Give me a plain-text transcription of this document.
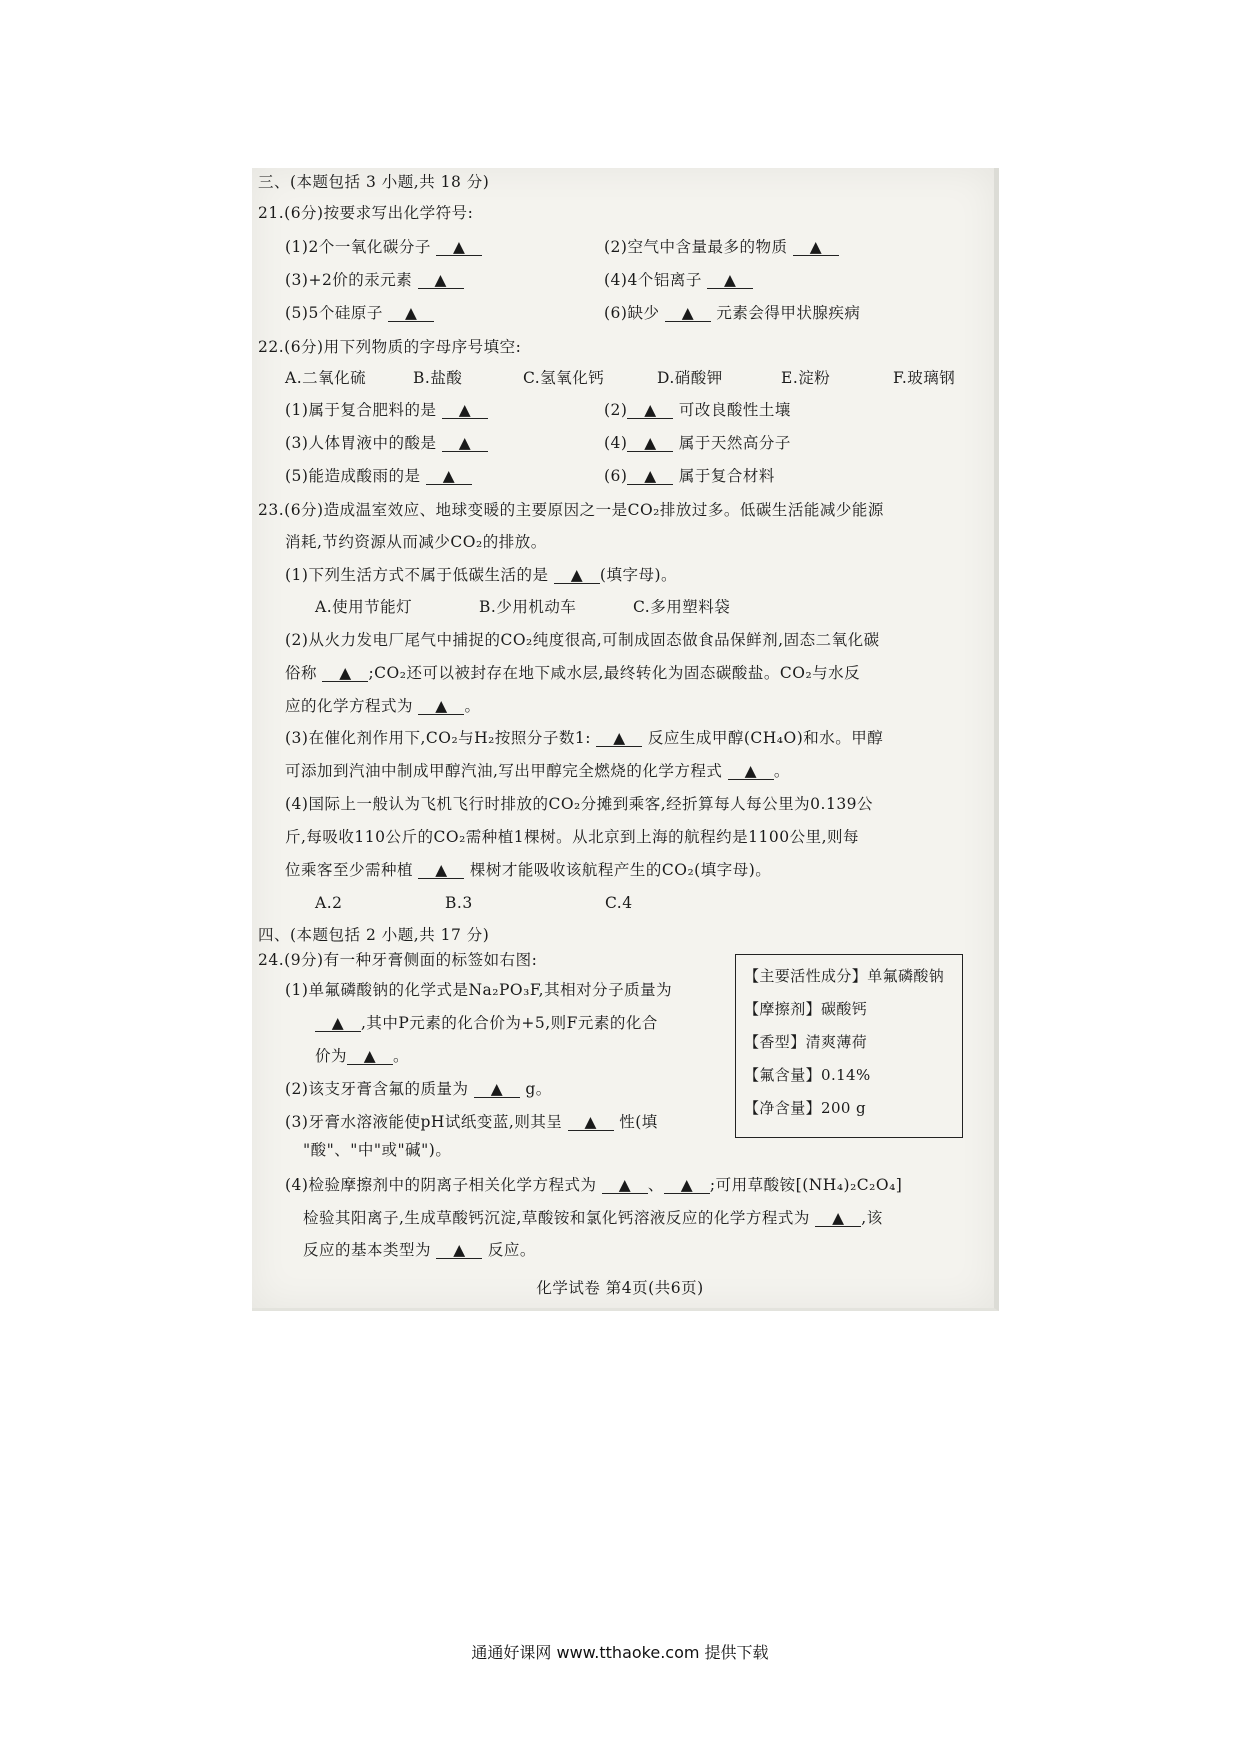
三、(本题包括 3 小题,共 18 分)
21.(6分)按要求写出化学符号:
(1)2个一氧化碳分子 ▲	(2)空气中含量最多的物质 ▲
(3)+2价的汞元素 ▲	(4)4个铝离子 ▲
(5)5个硅原子 ▲	(6)缺少 ▲ 元素会得甲状腺疾病
22.(6分)用下列物质的字母序号填空:
A.二氧化硫	B.盐酸	C.氢氧化钙	D.硝酸钾	E.淀粉	F.玻璃钢
(1)属于复合肥料的是 ▲	(2) ▲ 可改良酸性土壤
(3)人体胃液中的酸是 ▲	(4) ▲ 属于天然高分子
(5)能造成酸雨的是 ▲	(6) ▲ 属于复合材料
23.(6分)造成温室效应、地球变暖的主要原因之一是CO₂排放过多。低碳生活能减少能源
消耗,节约资源从而减少CO₂的排放。
(1)下列生活方式不属于低碳生活的是 ▲ (填字母)。
A.使用节能灯	B.少用机动车	C.多用塑料袋
(2)从火力发电厂尾气中捕捉的CO₂纯度很高,可制成固态做食品保鲜剂,固态二氧化碳
俗称 ▲ ;CO₂还可以被封存在地下咸水层,最终转化为固态碳酸盐。CO₂与水反
应的化学方程式为 ▲ 。
(3)在催化剂作用下,CO₂与H₂按照分子数1: ▲ 反应生成甲醇(CH₄O)和水。甲醇
可添加到汽油中制成甲醇汽油,写出甲醇完全燃烧的化学方程式 ▲ 。
(4)国际上一般认为飞机飞行时排放的CO₂分摊到乘客,经折算每人每公里为0.139公
斤,每吸收110公斤的CO₂需种植1棵树。从北京到上海的航程约是1100公里,则每
位乘客至少需种植 ▲ 棵树才能吸收该航程产生的CO₂(填字母)。
A.2	B.3	C.4
四、(本题包括 2 小题,共 17 分)
24.(9分)有一种牙膏侧面的标签如右图:
(1)单氟磷酸钠的化学式是Na₂PO₃F,其相对分子质量为
▲ ,其中P元素的化合价为+5,则F元素的化合
价为 ▲ 。
(2)该支牙膏含氟的质量为 ▲ g。
(3)牙膏水溶液能使pH试纸变蓝,则其呈 ▲ 性(填
"酸"、"中"或"碱")。
(4)检验摩擦剂中的阴离子相关化学方程式为 ▲ 、 ▲ ;可用草酸铵[(NH₄)₂C₂O₄]
检验其阳离子,生成草酸钙沉淀,草酸铵和氯化钙溶液反应的化学方程式为 ▲ ,该
反应的基本类型为 ▲ 反应。
【主要活性成分】单氟磷酸钠
【摩擦剂】碳酸钙
【香型】清爽薄荷
【氟含量】0.14%
【净含量】200 g
化学试卷 第4页(共6页)
通通好课网 www.tthaoke.com 提供下载
